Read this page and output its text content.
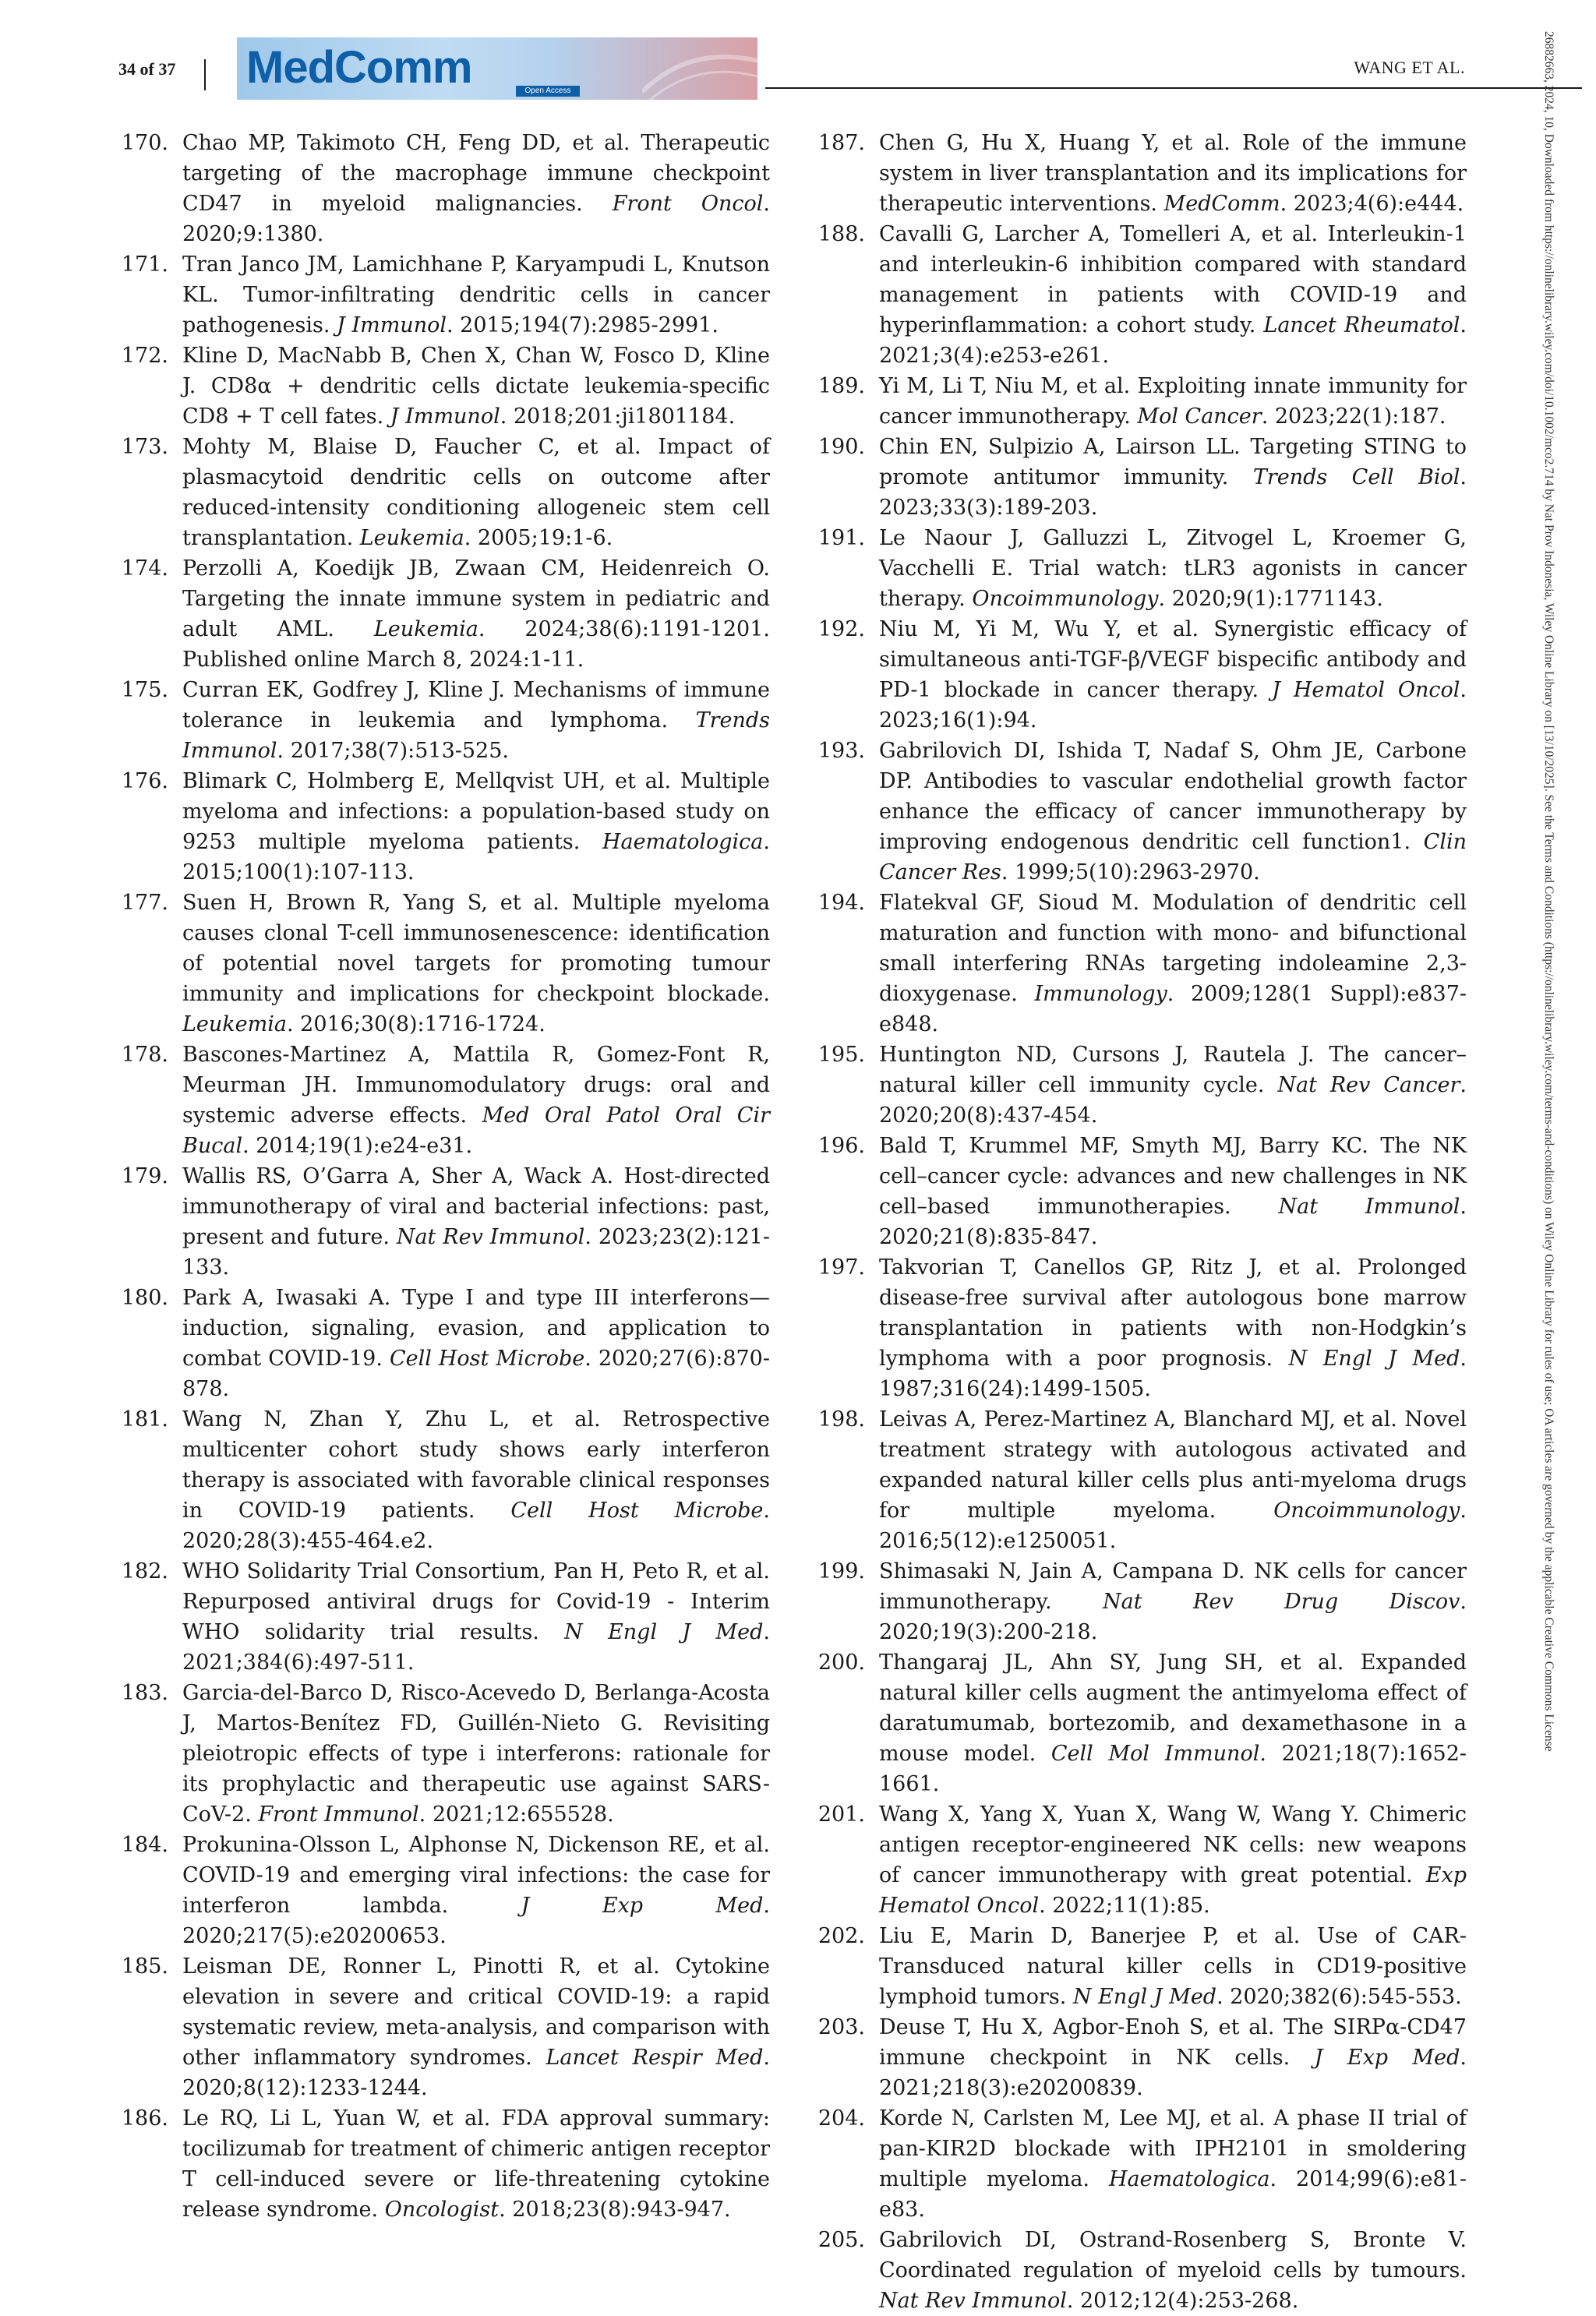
34 of 37 MedComm	Open Access
WANG ET AL.
170. Chao MP, Takimoto CH, Feng DD, et al. Therapeutic targeting of the macrophage immune checkpoint CD47 in myeloid malignancies. Front Oncol. 2020;9:1380.
171. Tran Janco JM, Lamichhane P, Karyampudi L, Knutson KL. Tumor-infiltrating dendritic cells in cancer pathogenesis. J Immunol. 2015;194(7):2985-2991.
172. Kline D, MacNabb B, Chen X, Chan W, Fosco D, Kline J. CD8α + dendritic cells dictate leukemia-specific CD8 + T cell fates. J Immunol. 2018;201:ji1801184.
173. Mohty M, Blaise D, Faucher C, et al. Impact of plasmacytoid dendritic cells on outcome after reduced-intensity conditioning allogeneic stem cell transplantation. Leukemia. 2005;19:1-6.
174. Perzolli A, Koedijk JB, Zwaan CM, Heidenreich O. Targeting the innate immune system in pediatric and adult AML. Leukemia. 2024;38(6):1191-1201. Published online March 8, 2024:1-11.
175. Curran EK, Godfrey J, Kline J. Mechanisms of immune tolerance in leukemia and lymphoma. Trends Immunol. 2017;38(7):513-525.
176. Blimark C, Holmberg E, Mellqvist UH, et al. Multiple myeloma and infections: a population-based study on 9253 multiple myeloma patients. Haematologica. 2015;100(1):107-113.
177. Suen H, Brown R, Yang S, et al. Multiple myeloma causes clonal T-cell immunosenescence: identification of potential novel targets for promoting tumour immunity and implications for checkpoint blockade. Leukemia. 2016;30(8):1716-1724.
178. Bascones-Martinez A, Mattila R, Gomez-Font R, Meurman JH. Immunomodulatory drugs: oral and systemic adverse effects. Med Oral Patol Oral Cir Bucal. 2014;19(1):e24-e31.
179. Wallis RS, O’Garra A, Sher A, Wack A. Host-directed immunotherapy of viral and bacterial infections: past, present and future. Nat Rev Immunol. 2023;23(2):121-133.
180. Park A, Iwasaki A. Type I and type III interferons—induction, signaling, evasion, and application to combat COVID-19. Cell Host Microbe. 2020;27(6):870-878.
181. Wang N, Zhan Y, Zhu L, et al. Retrospective multicenter cohort study shows early interferon therapy is associated with favorable clinical responses in COVID-19 patients. Cell Host Microbe. 2020;28(3):455-464.e2.
182. WHO Solidarity Trial Consortium, Pan H, Peto R, et al. Repurposed antiviral drugs for Covid-19 - Interim WHO solidarity trial results. N Engl J Med. 2021;384(6):497-511.
183. Garcia-del-Barco D, Risco-Acevedo D, Berlanga-Acosta J, Martos-Benítez FD, Guillén-Nieto G. Revisiting pleiotropic effects of type i interferons: rationale for its prophylactic and therapeutic use against SARS-CoV-2. Front Immunol. 2021;12:655528.
184. Prokunina-Olsson L, Alphonse N, Dickenson RE, et al. COVID-19 and emerging viral infections: the case for interferon lambda. J Exp Med. 2020;217(5):e20200653.
185. Leisman DE, Ronner L, Pinotti R, et al. Cytokine elevation in severe and critical COVID-19: a rapid systematic review, meta-analysis, and comparison with other inflammatory syndromes. Lancet Respir Med. 2020;8(12):1233-1244.
186. Le RQ, Li L, Yuan W, et al. FDA approval summary: tocilizumab for treatment of chimeric antigen receptor T cell-induced severe or life-threatening cytokine release syndrome. Oncologist. 2018;23(8):943-947.
187. Chen G, Hu X, Huang Y, et al. Role of the immune system in liver transplantation and its implications for therapeutic interventions. MedComm. 2023;4(6):e444.
188. Cavalli G, Larcher A, Tomelleri A, et al. Interleukin-1 and interleukin-6 inhibition compared with standard management in patients with COVID-19 and hyperinflammation: a cohort study. Lancet Rheumatol. 2021;3(4):e253-e261.
189. Yi M, Li T, Niu M, et al. Exploiting innate immunity for cancer immunotherapy. Mol Cancer. 2023;22(1):187.
190. Chin EN, Sulpizio A, Lairson LL. Targeting STING to promote antitumor immunity. Trends Cell Biol. 2023;33(3):189-203.
191. Le Naour J, Galluzzi L, Zitvogel L, Kroemer G, Vacchelli E. Trial watch: tLR3 agonists in cancer therapy. Oncoimmunology. 2020;9(1):1771143.
192. Niu M, Yi M, Wu Y, et al. Synergistic efficacy of simultaneous anti-TGF-β/VEGF bispecific antibody and PD-1 blockade in cancer therapy. J Hematol Oncol. 2023;16(1):94.
193. Gabrilovich DI, Ishida T, Nadaf S, Ohm JE, Carbone DP. Antibodies to vascular endothelial growth factor enhance the efficacy of cancer immunotherapy by improving endogenous dendritic cell function1. Clin Cancer Res. 1999;5(10):2963-2970.
194. Flatekval GF, Sioud M. Modulation of dendritic cell maturation and function with mono- and bifunctional small interfering RNAs targeting indoleamine 2,3-dioxygenase. Immunology. 2009;128(1 Suppl):e837-e848.
195. Huntington ND, Cursons J, Rautela J. The cancer–natural killer cell immunity cycle. Nat Rev Cancer. 2020;20(8):437-454.
196. Bald T, Krummel MF, Smyth MJ, Barry KC. The NK cell–cancer cycle: advances and new challenges in NK cell–based immunotherapies. Nat Immunol. 2020;21(8):835-847.
197. Takvorian T, Canellos GP, Ritz J, et al. Prolonged disease-free survival after autologous bone marrow transplantation in patients with non-Hodgkin’s lymphoma with a poor prognosis. N Engl J Med. 1987;316(24):1499-1505.
198. Leivas A, Perez-Martinez A, Blanchard MJ, et al. Novel treatment strategy with autologous activated and expanded natural killer cells plus anti-myeloma drugs for multiple myeloma. Oncoimmunology. 2016;5(12):e1250051.
199. Shimasaki N, Jain A, Campana D. NK cells for cancer immunotherapy. Nat Rev Drug Discov. 2020;19(3):200-218.
200. Thangaraj JL, Ahn SY, Jung SH, et al. Expanded natural killer cells augment the antimyeloma effect of daratumumab, bortezomib, and dexamethasone in a mouse model. Cell Mol Immunol. 2021;18(7):1652-1661.
201. Wang X, Yang X, Yuan X, Wang W, Wang Y. Chimeric antigen receptor-engineered NK cells: new weapons of cancer immunotherapy with great potential. Exp Hematol Oncol. 2022;11(1):85.
202. Liu E, Marin D, Banerjee P, et al. Use of CAR-Transduced natural killer cells in CD19-positive lymphoid tumors. N Engl J Med. 2020;382(6):545-553.
203. Deuse T, Hu X, Agbor-Enoh S, et al. The SIRPα-CD47 immune checkpoint in NK cells. J Exp Med. 2021;218(3):e20200839.
204. Korde N, Carlsten M, Lee MJ, et al. A phase II trial of pan-KIR2D blockade with IPH2101 in smoldering multiple myeloma. Haematologica. 2014;99(6):e81-e83.
205. Gabrilovich DI, Ostrand-Rosenberg S, Bronte V. Coordinated regulation of myeloid cells by tumours. Nat Rev Immunol. 2012;12(4):253-268.
26882663, 2024, 10, Downloaded from https://onlinelibrary.wiley.com/doi/10.1002/mco2.714 by Nat Prov Indonesia, Wiley Online Library on [13/10/2025]. See the Terms and Conditions (https://onlinelibrary.wiley.com/terms-and-conditions) on Wiley Online Library for rules of use; OA articles are governed by the applicable Creative Commons License
